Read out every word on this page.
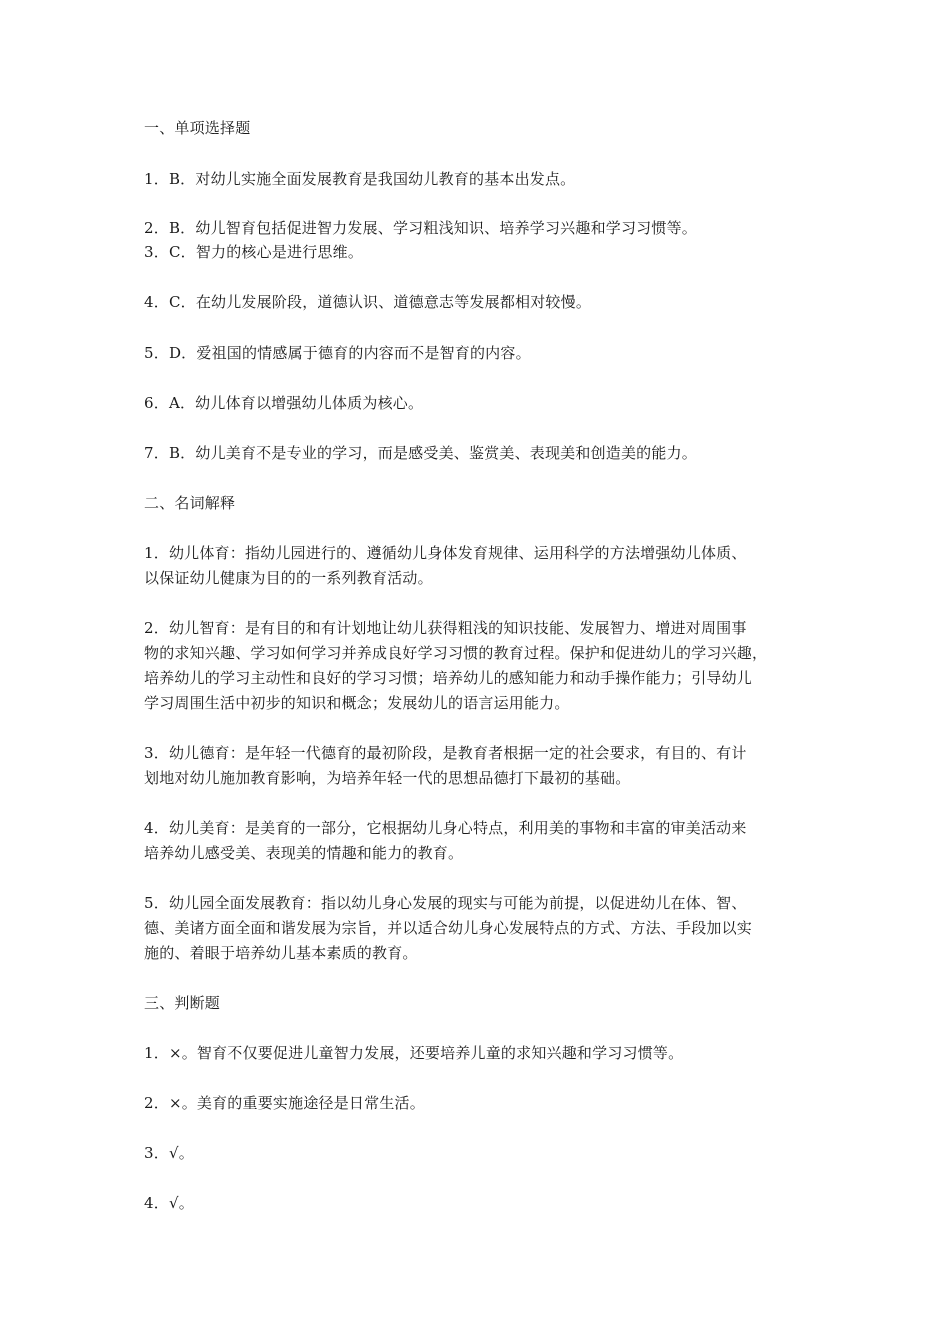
一、单项选择题
1．B．对幼儿实施全面发展教育是我国幼儿教育的基本出发点。
2．B．幼儿智育包括促进智力发展、学习粗浅知识、培养学习兴趣和学习习惯等。
3．C．智力的核心是进行思维。
4．C．在幼儿发展阶段，道德认识、道德意志等发展都相对较慢。
5．D．爱祖国的情感属于德育的内容而不是智育的内容。
6．A．幼儿体育以增强幼儿体质为核心。
7．B．幼儿美育不是专业的学习，而是感受美、鉴赏美、表现美和创造美的能力。
二、名词解释
1．幼儿体育：指幼儿园进行的、遵循幼儿身体发育规律、运用科学的方法增强幼儿体质、
以保证幼儿健康为目的的一系列教育活动。
2．幼儿智育：是有目的和有计划地让幼儿获得粗浅的知识技能、发展智力、增进对周围事
物的求知兴趣、学习如何学习并养成良好学习习惯的教育过程。保护和促进幼儿的学习兴趣，
培养幼儿的学习主动性和良好的学习习惯；培养幼儿的感知能力和动手操作能力；引导幼儿
学习周围生活中初步的知识和概念；发展幼儿的语言运用能力。
3．幼儿德育：是年轻一代德育的最初阶段，是教育者根据一定的社会要求，有目的、有计
划地对幼儿施加教育影响，为培养年轻一代的思想品德打下最初的基础。
4．幼儿美育：是美育的一部分，它根据幼儿身心特点，利用美的事物和丰富的审美活动来
培养幼儿感受美、表现美的情趣和能力的教育。
5．幼儿园全面发展教育：指以幼儿身心发展的现实与可能为前提，以促进幼儿在体、智、
德、美诸方面全面和谐发展为宗旨，并以适合幼儿身心发展特点的方式、方法、手段加以实
施的、着眼于培养幼儿基本素质的教育。
三、判断题
1．×。智育不仅要促进儿童智力发展，还要培养儿童的求知兴趣和学习习惯等。
2．×。美育的重要实施途径是日常生活。
3．√。
4．√。
